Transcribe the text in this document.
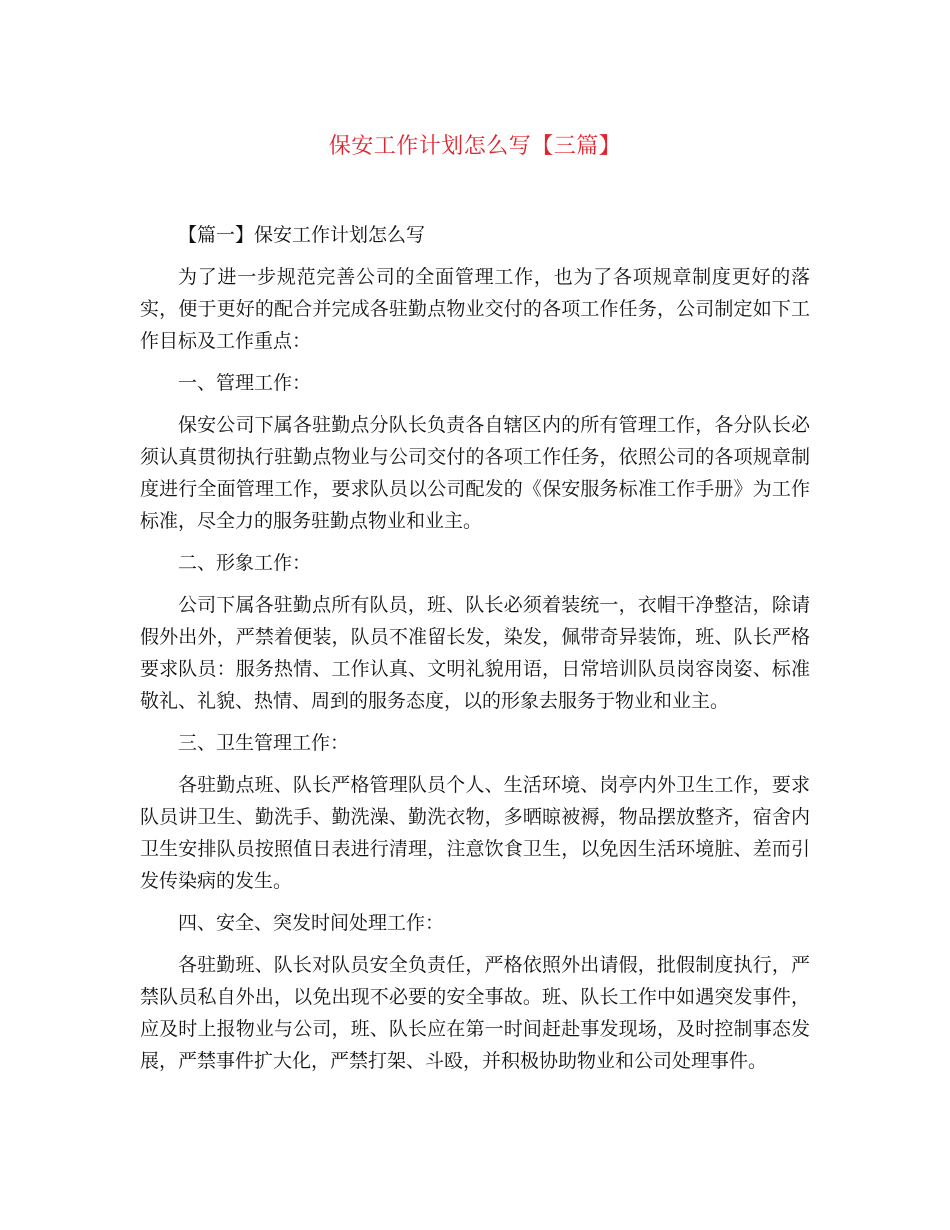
保安工作计划怎么写【三篇】

【篇一】保安工作计划怎么写

为了进一步规范完善公司的全面管理工作，也为了各项规章制度更好的落实，便于更好的配合并完成各驻勤点物业交付的各项工作任务，公司制定如下工作目标及工作重点：

一、管理工作：

保安公司下属各驻勤点分队长负责各自辖区内的所有管理工作，各分队长必须认真贯彻执行驻勤点物业与公司交付的各项工作任务，依照公司的各项规章制度进行全面管理工作，要求队员以公司配发的《保安服务标准工作手册》为工作标准，尽全力的服务驻勤点物业和业主。

二、形象工作：

公司下属各驻勤点所有队员，班、队长必须着装统一，衣帽干净整洁，除请假外出外，严禁着便装，队员不准留长发，染发，佩带奇异装饰，班、队长严格要求队员：服务热情、工作认真、文明礼貌用语，日常培训队员岗容岗姿、标准敬礼、礼貌、热情、周到的服务态度，以的形象去服务于物业和业主。

三、卫生管理工作：

各驻勤点班、队长严格管理队员个人、生活环境、岗亭内外卫生工作，要求队员讲卫生、勤洗手、勤洗澡、勤洗衣物，多晒晾被褥，物品摆放整齐，宿舍内卫生安排队员按照值日表进行清理，注意饮食卫生，以免因生活环境脏、差而引发传染病的发生。

四、安全、突发时间处理工作：

各驻勤班、队长对队员安全负责任，严格依照外出请假，批假制度执行，严禁队员私自外出，以免出现不必要的安全事故。班、队长工作中如遇突发事件，应及时上报物业与公司，班、队长应在第一时间赶赴事发现场，及时控制事态发展，严禁事件扩大化，严禁打架、斗殴，并积极协助物业和公司处理事件。
